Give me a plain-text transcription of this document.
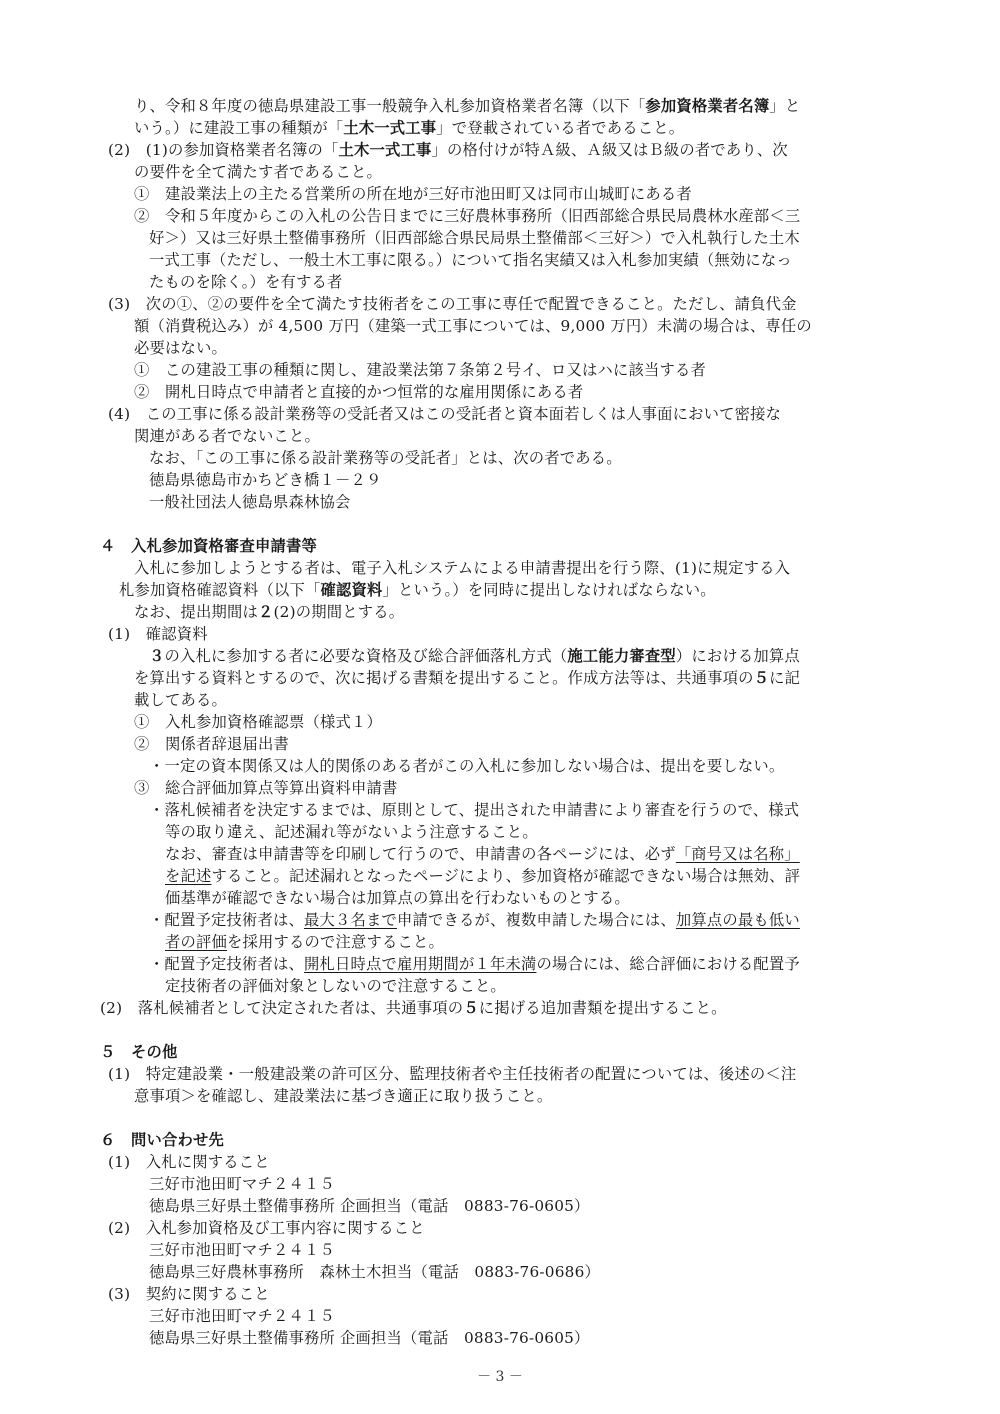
り、令和８年度の徳島県建設工事一般競争入札参加資格業者名簿（以下「参加資格業者名簿」と
いう。）に建設工事の種類が「土木一式工事」で登載されている者であること。
(2)　(1)の参加資格業者名簿の「土木一式工事」の格付けが特Ａ級、Ａ級又はＢ級の者であり、次
の要件を全て満たす者であること。
①　建設業法上の主たる営業所の所在地が三好市池田町又は同市山城町にある者
②　令和５年度からこの入札の公告日までに三好農林事務所（旧西部総合県民局農林水産部＜三
好＞）又は三好県土整備事務所（旧西部総合県民局県土整備部＜三好＞）で入札執行した土木
一式工事（ただし、一般土木工事に限る。）について指名実績又は入札参加実績（無効になっ
たものを除く。）を有する者
(3)　次の①、②の要件を全て満たす技術者をこの工事に専任で配置できること。ただし、請負代金
額（消費税込み）が 4,500 万円（建築一式工事については、9,000 万円）未満の場合は、専任の
必要はない。
①　この建設工事の種類に関し、建設業法第７条第２号イ、ロ又はハに該当する者
②　開札日時点で申請者と直接的かつ恒常的な雇用関係にある者
(4)　この工事に係る設計業務等の受託者又はこの受託者と資本面若しくは人事面において密接な
関連がある者でないこと。
なお、「この工事に係る設計業務等の受託者」とは、次の者である。
徳島県徳島市かちどき橋１－２９
一般社団法人徳島県森林協会
４　入札参加資格審査申請書等
入札に参加しようとする者は、電子入札システムによる申請書提出を行う際、(1)に規定する入
札参加資格確認資料（以下「確認資料」という。）を同時に提出しなければならない。
なお、提出期間は２(2)の期間とする。
(1)　確認資料
３の入札に参加する者に必要な資格及び総合評価落札方式（施工能力審査型）における加算点
を算出する資料とするので、次に掲げる書類を提出すること。作成方法等は、共通事項の５に記
載してある。
①　入札参加資格確認票（様式１）
②　関係者辞退届出書
・一定の資本関係又は人的関係のある者がこの入札に参加しない場合は、提出を要しない。
③　総合評価加算点等算出資料申請書
・落札候補者を決定するまでは、原則として、提出された申請書により審査を行うので、様式
等の取り違え、記述漏れ等がないよう注意すること。
なお、審査は申請書等を印刷して行うので、申請書の各ページには、必ず「商号又は名称」
を記述すること。記述漏れとなったページにより、参加資格が確認できない場合は無効、評
価基準が確認できない場合は加算点の算出を行わないものとする。
・配置予定技術者は、最大３名まで申請できるが、複数申請した場合には、加算点の最も低い
者の評価を採用するので注意すること。
・配置予定技術者は、開札日時点で雇用期間が１年未満の場合には、総合評価における配置予
定技術者の評価対象としないので注意すること。
(2)　落札候補者として決定された者は、共通事項の５に掲げる追加書類を提出すること。
５　その他
(1)　特定建設業・一般建設業の許可区分、監理技術者や主任技術者の配置については、後述の＜注
意事項＞を確認し、建設業法に基づき適正に取り扱うこと。
６　問い合わせ先
(1)　入札に関すること
三好市池田町マチ２４１５
徳島県三好県土整備事務所 企画担当（電話　0883-76-0605）
(2)　入札参加資格及び工事内容に関すること
三好市池田町マチ２４１５
徳島県三好農林事務所　森林土木担当（電話　0883-76-0686）
(3)　契約に関すること
三好市池田町マチ２４１５
徳島県三好県土整備事務所 企画担当（電話　0883-76-0605）
－ 3 －
